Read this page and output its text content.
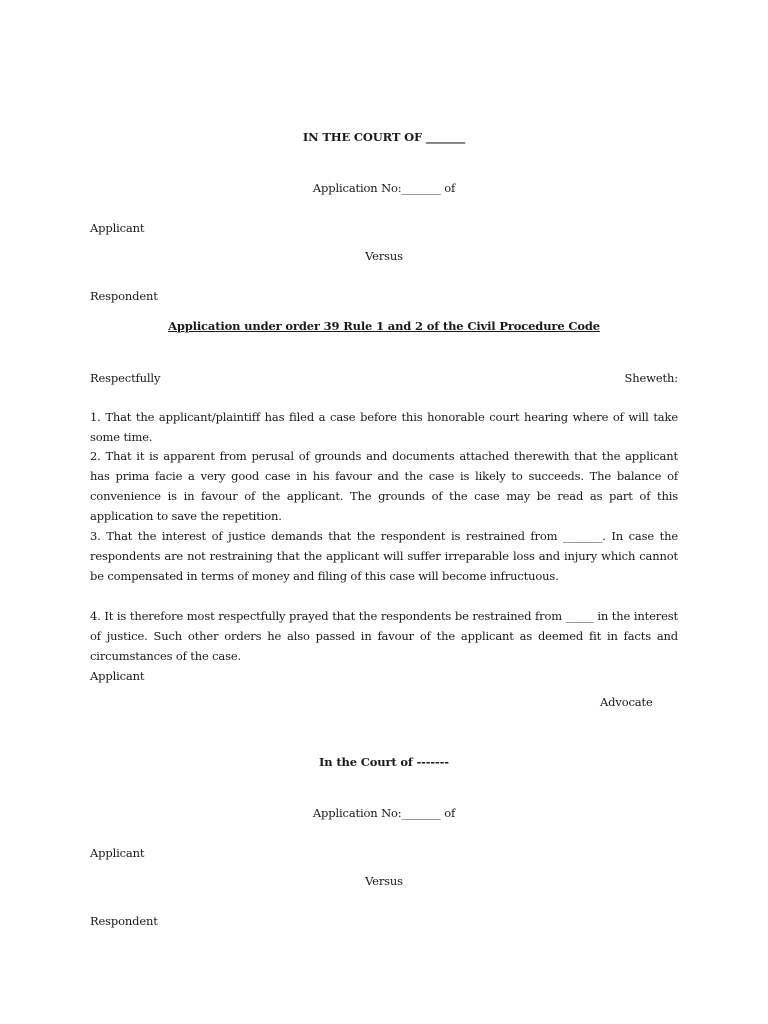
IN THE COURT OF _______
Application No:_______ of
Applicant
Versus
Respondent
Application under order 39 Rule 1 and 2 of the Civil Procedure Code
Respectfully	Sheweth:
1. That the applicant/plaintiff has filed a case before this honorable court hearing where of will take some time.
2. That it is apparent from perusal of grounds and documents attached therewith that the applicant has prima facie a very good case in his favour and the case is likely to succeeds. The balance of convenience is in favour of the applicant. The grounds of the case may be read as part of this application to save the repetition.
3. That the interest of justice demands that the respondent is restrained from _______. In case the respondents are not restraining that the applicant will suffer irreparable loss and injury which cannot be compensated in terms of money and filing of this case will become infructuous.
4. It is therefore most respectfully prayed that the respondents be restrained from _____ in the interest of justice. Such other orders he also passed in favour of the applicant as deemed fit in facts and circumstances of the case.
Applicant
Advocate
In the Court of -------
Application No:_______ of
Applicant
Versus
Respondent
